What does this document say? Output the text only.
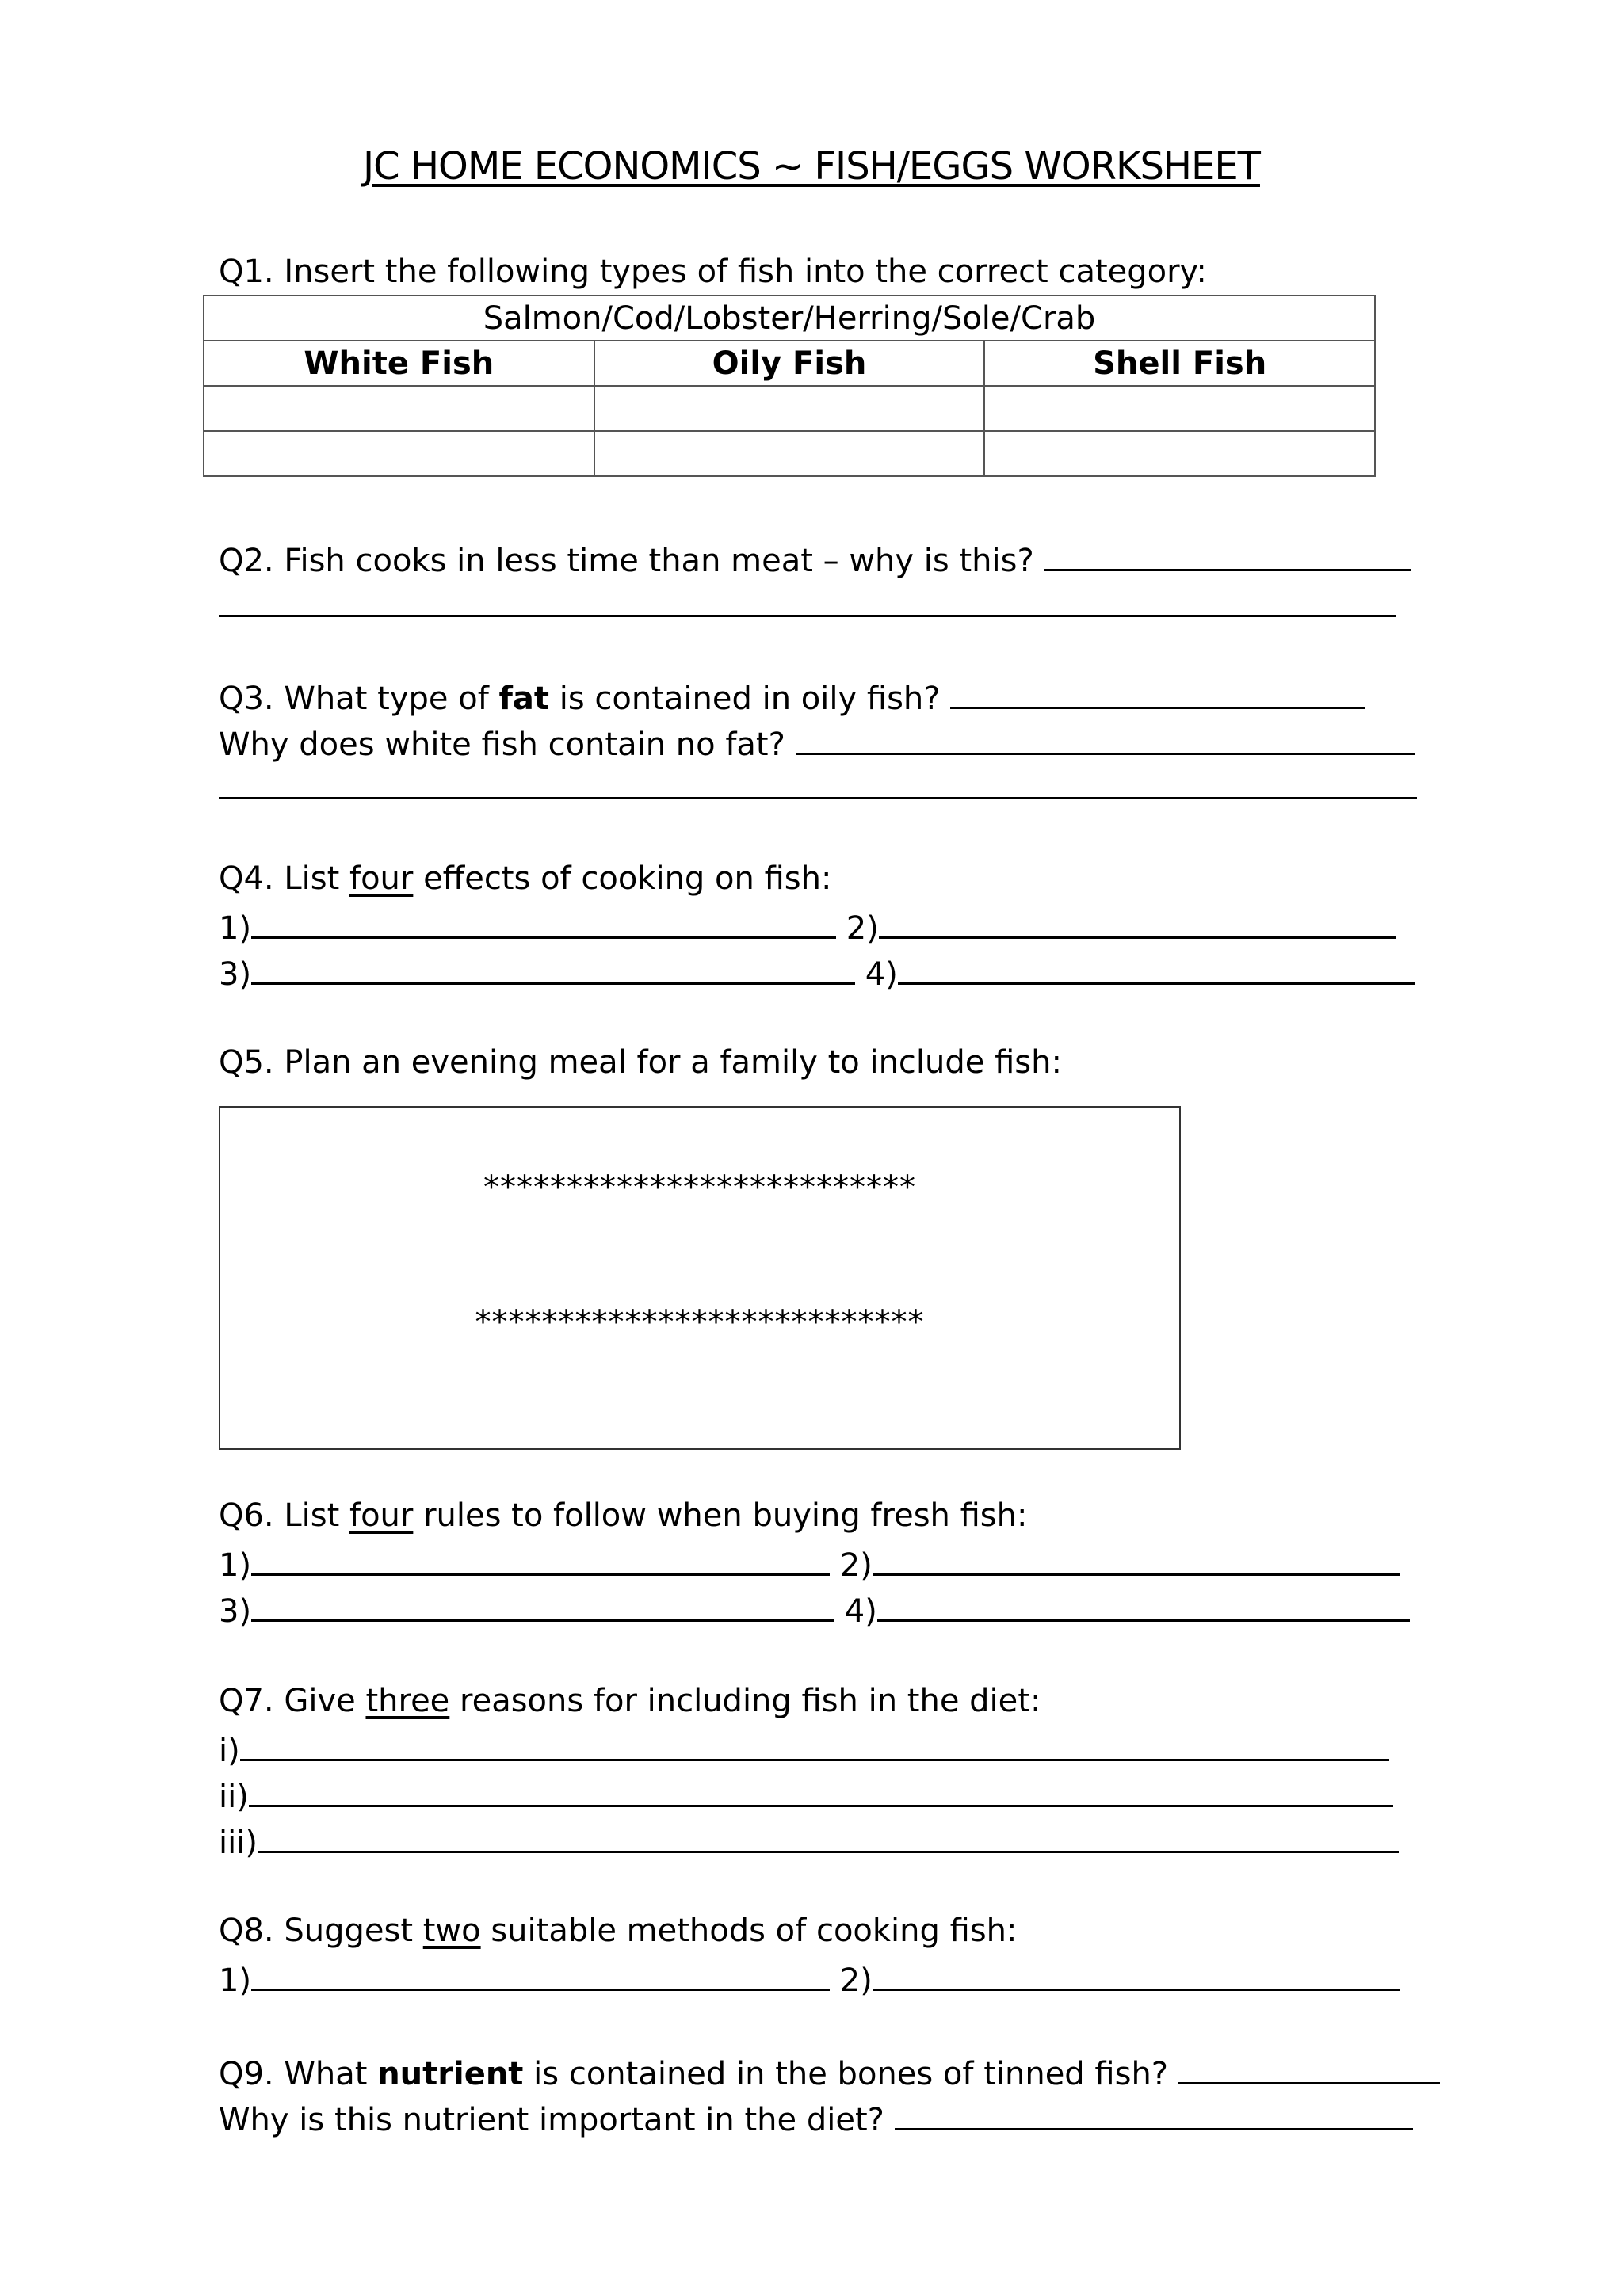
JC HOME ECONOMICS ~ FISH/EGGS WORKSHEET
Q1. Insert the following types of fish into the correct category:
Salmon/Cod/Lobster/Herring/Sole/Crab		
White Fish	Oily Fish	Shell Fish

Q2. Fish cooks in less time than meat – why is this?
Q3. What type of fat is contained in oily fish?
Why does white fish contain no fat?
Q4. List four effects of cooking on fish:
1)	2)
3)	4)
Q5. Plan an evening meal for a family to include fish:
**************************
***************************
Q6. List four rules to follow when buying fresh fish:
1)	2)
3)	4)
Q7. Give three reasons for including fish in the diet:
i)
ii)
iii)
Q8. Suggest two suitable methods of cooking fish:
1)	2)
Q9. What nutrient is contained in the bones of tinned fish?
Why is this nutrient important in the diet?
